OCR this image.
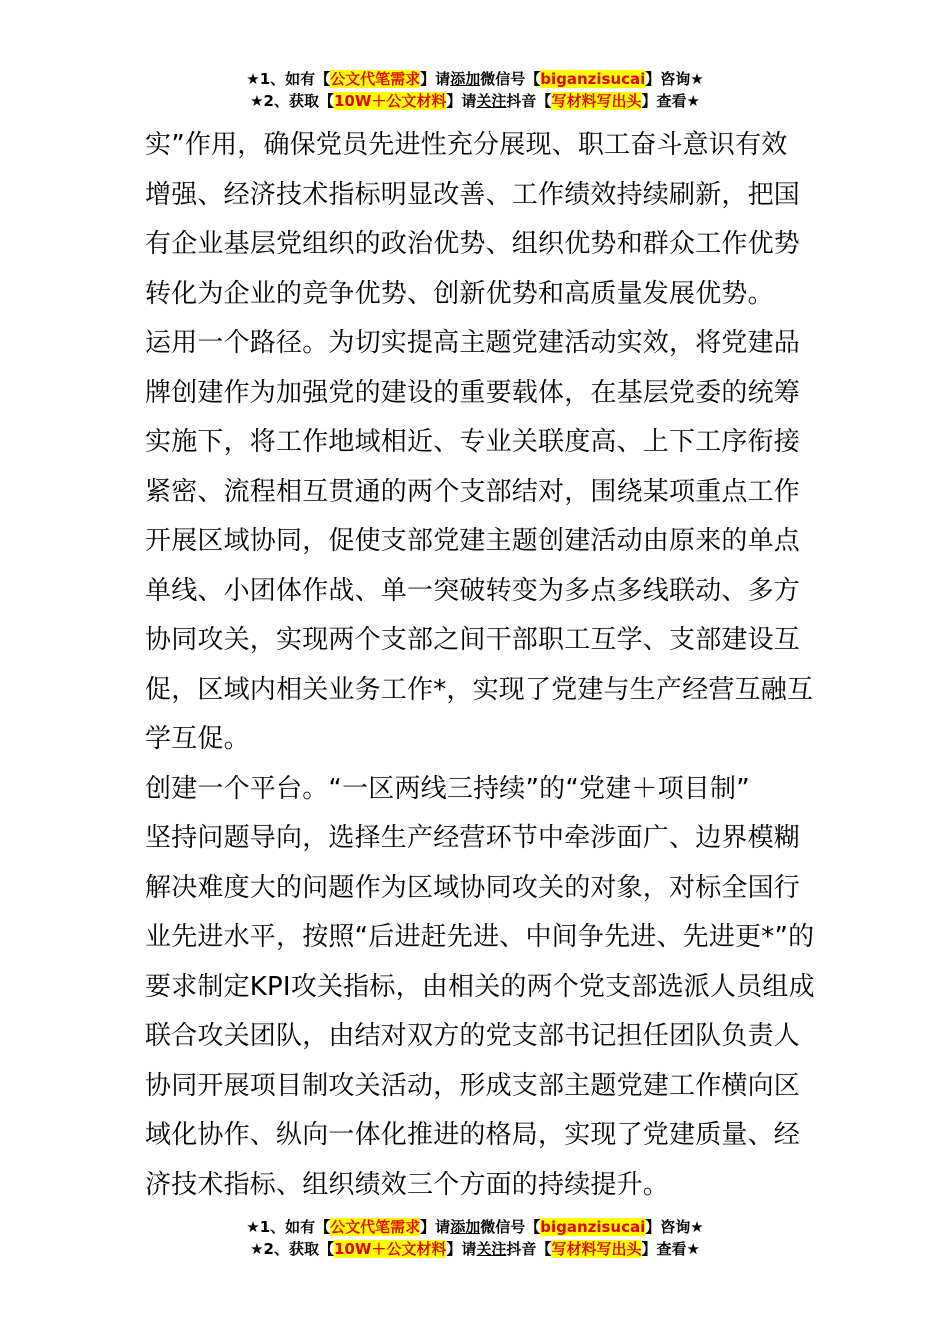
★1、如有【公文代笔需求】请添加微信号【biganzisucai】咨询★
★2、获取【10W＋公文材料】请关注抖音【写材料写出头】查看★

实”作用，确保党员先进性充分展现、职工奋斗意识有效

增强、经济技术指标明显改善、工作绩效持续刷新，把国

有企业基层党组织的政治优势、组织优势和群众工作优势

转化为企业的竞争优势、创新优势和高质量发展优势。

运用一个路径。为切实提高主题党建活动实效，将党建品

牌创建作为加强党的建设的重要载体，在基层党委的统筹

实施下，将工作地域相近、专业关联度高、上下工序衔接

紧密、流程相互贯通的两个支部结对，围绕某项重点工作

开展区域协同，促使支部党建主题创建活动由原来的单点

单线、小团体作战、单一突破转变为多点多线联动、多方

协同攻关，实现两个支部之间干部职工互学、支部建设互

促，区域内相关业务工作*，实现了党建与生产经营互融互

学互促。

创建一个平台。“一区两线三持续”的“党建＋项目制”

坚持问题导向，选择生产经营环节中牵涉面广、边界模糊

解决难度大的问题作为区域协同攻关的对象，对标全国行

业先进水平，按照“后进赶先进、中间争先进、先进更*”的

要求制定KPI攻关指标，由相关的两个党支部选派人员组成

联合攻关团队，由结对双方的党支部书记担任团队负责人

协同开展项目制攻关活动，形成支部主题党建工作横向区

域化协作、纵向一体化推进的格局，实现了党建质量、经

济技术指标、组织绩效三个方面的持续提升。

★1、如有【公文代笔需求】请添加微信号【biganzisucai】咨询★
★2、获取【10W＋公文材料】请关注抖音【写材料写出头】查看★
